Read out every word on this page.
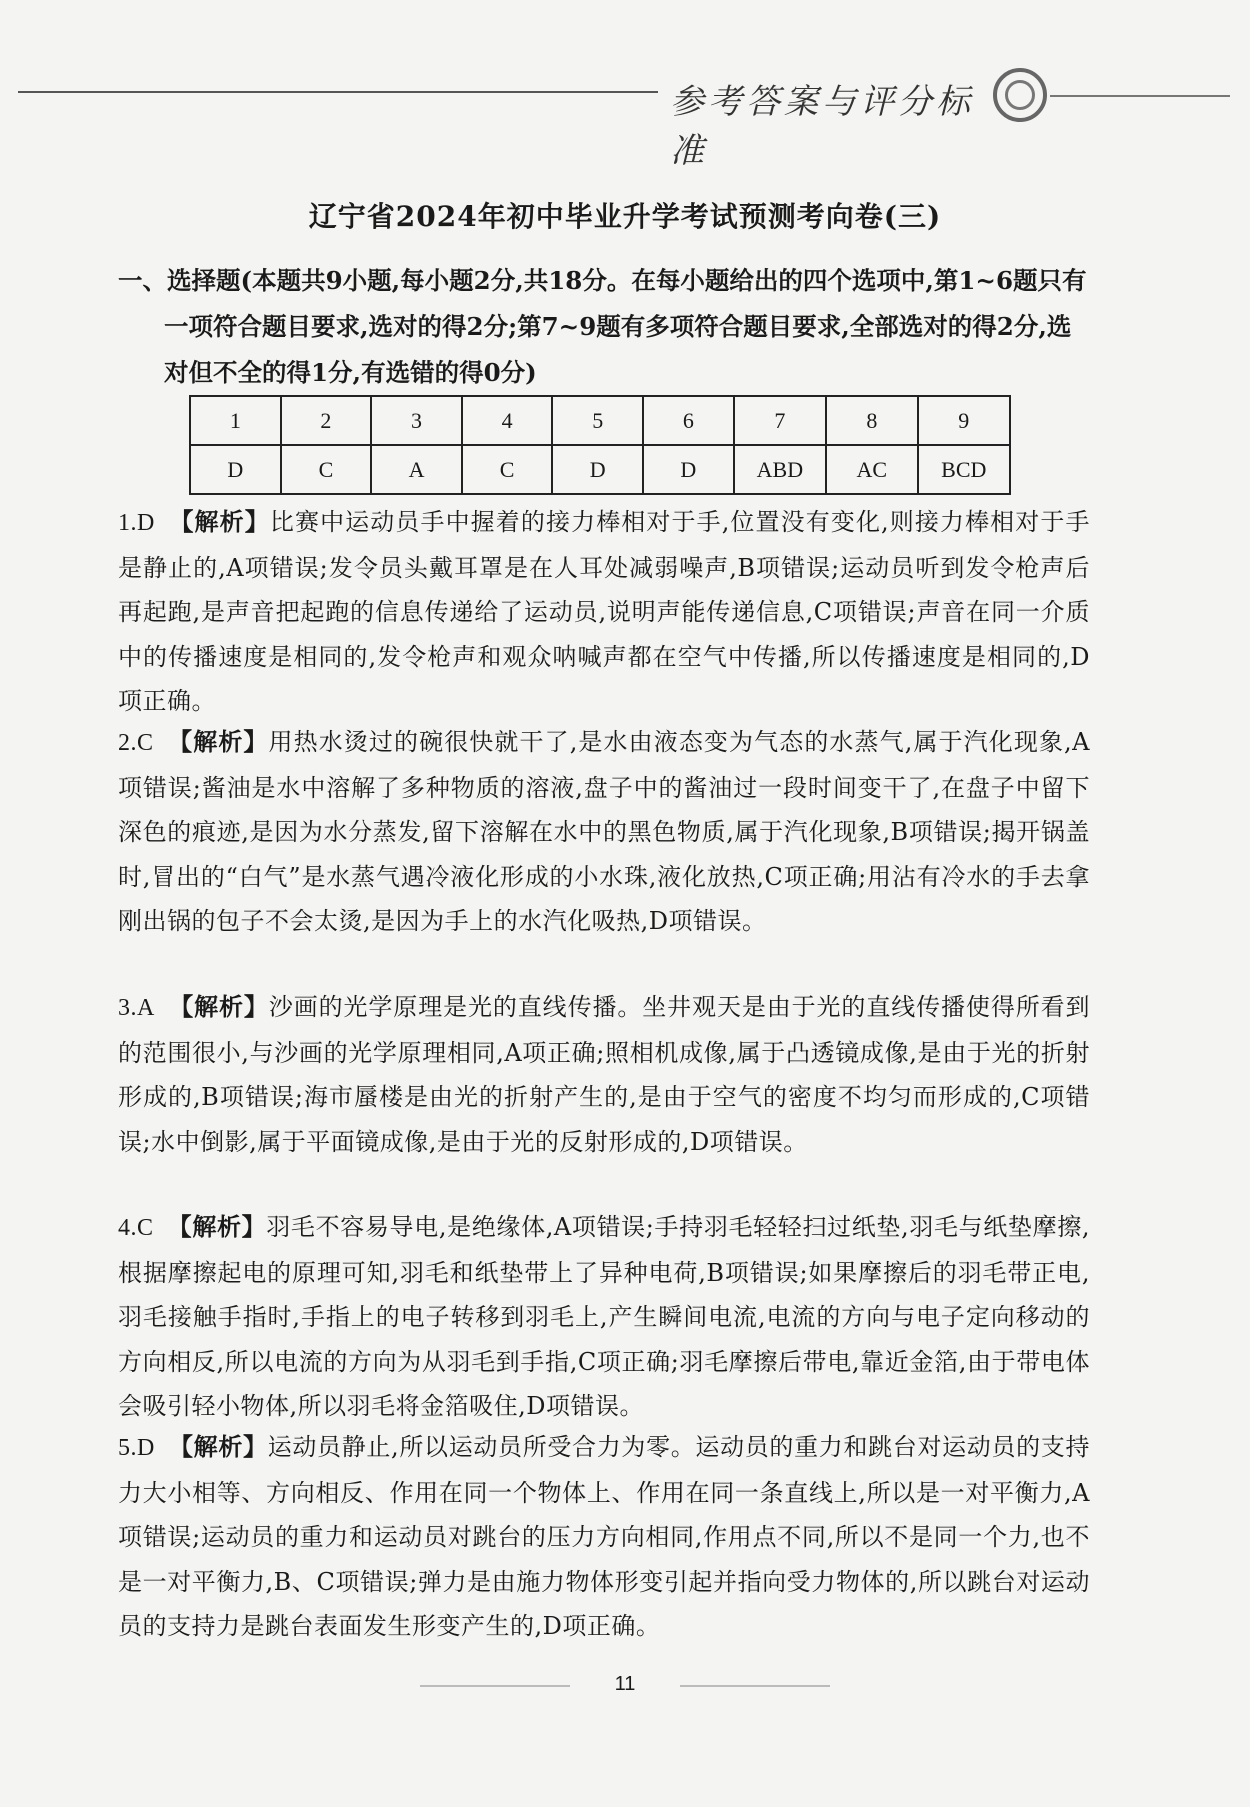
参考答案与评分标准
辽宁省2024年初中毕业升学考试预测考向卷(三)
一、选择题(本题共9小题,每小题2分,共18分。在每小题给出的四个选项中,第1~6题只有一项符合题目要求,选对的得2分;第7~9题有多项符合题目要求,全部选对的得2分,选对但不全的得1分,有选错的得0分)
1	2	3	4	5	6	7	8	9
D	C	A	C	D	D	ABD	AC	BCD
1.D 【解析】比赛中运动员手中握着的接力棒相对于手,位置没有变化,则接力棒相对于手是静止的,A项错误;发令员头戴耳罩是在人耳处减弱噪声,B项错误;运动员听到发令枪声后再起跑,是声音把起跑的信息传递给了运动员,说明声能传递信息,C项错误;声音在同一介质中的传播速度是相同的,发令枪声和观众呐喊声都在空气中传播,所以传播速度是相同的,D项正确。
2.C 【解析】用热水烫过的碗很快就干了,是水由液态变为气态的水蒸气,属于汽化现象,A项错误;酱油是水中溶解了多种物质的溶液,盘子中的酱油过一段时间变干了,在盘子中留下深色的痕迹,是因为水分蒸发,留下溶解在水中的黑色物质,属于汽化现象,B项错误;揭开锅盖时,冒出的“白气”是水蒸气遇冷液化形成的小水珠,液化放热,C项正确;用沾有冷水的手去拿刚出锅的包子不会太烫,是因为手上的水汽化吸热,D项错误。
3.A 【解析】沙画的光学原理是光的直线传播。坐井观天是由于光的直线传播使得所看到的范围很小,与沙画的光学原理相同,A项正确;照相机成像,属于凸透镜成像,是由于光的折射形成的,B项错误;海市蜃楼是由光的折射产生的,是由于空气的密度不均匀而形成的,C项错误;水中倒影,属于平面镜成像,是由于光的反射形成的,D项错误。
4.C 【解析】羽毛不容易导电,是绝缘体,A项错误;手持羽毛轻轻扫过纸垫,羽毛与纸垫摩擦,根据摩擦起电的原理可知,羽毛和纸垫带上了异种电荷,B项错误;如果摩擦后的羽毛带正电,羽毛接触手指时,手指上的电子转移到羽毛上,产生瞬间电流,电流的方向与电子定向移动的方向相反,所以电流的方向为从羽毛到手指,C项正确;羽毛摩擦后带电,靠近金箔,由于带电体会吸引轻小物体,所以羽毛将金箔吸住,D项错误。
5.D 【解析】运动员静止,所以运动员所受合力为零。运动员的重力和跳台对运动员的支持力大小相等、方向相反、作用在同一个物体上、作用在同一条直线上,所以是一对平衡力,A项错误;运动员的重力和运动员对跳台的压力方向相同,作用点不同,所以不是同一个力,也不是一对平衡力,B、C项错误;弹力是由施力物体形变引起并指向受力物体的,所以跳台对运动员的支持力是跳台表面发生形变产生的,D项正确。
11
